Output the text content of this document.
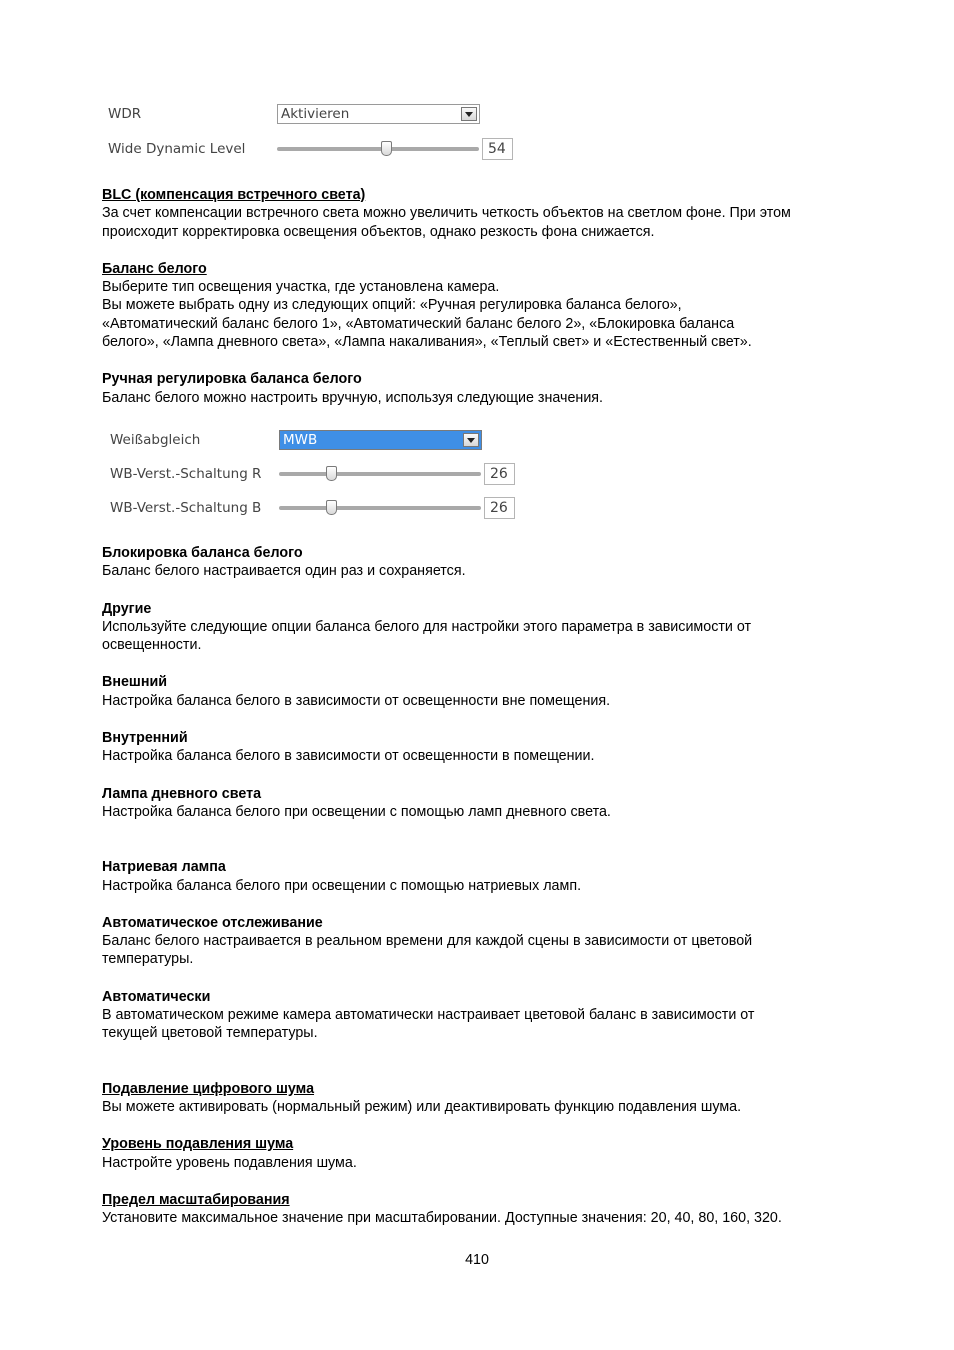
WDR	Aktivieren
Wide Dynamic Level	54

BLC (компенсация встречного света)

За счет компенсации встречного света можно увеличить четкость объектов на светлом фоне. При этом

происходит корректировка освещения объектов, однако резкость фона снижается.

Баланс белого

Выберите тип освещения участка, где установлена камера.

Вы можете выбрать одну из следующих опций: «Ручная регулировка баланса белого»,

«Автоматический баланс белого 1», «Автоматический баланс белого 2», «Блокировка баланса

белого», «Лампа дневного света», «Лампа накаливания», «Теплый свет» и «Естественный свет».

Ручная регулировка баланса белого

Баланс белого можно настроить вручную, используя следующие значения.

Weißabgleich	MWB
WB-Verst.-Schaltung R	26
WB-Verst.-Schaltung B	26

Блокировка баланса белого

Баланс белого настраивается один раз и сохраняется.

Другие

Используйте следующие опции баланса белого для настройки этого параметра в зависимости от

освещенности.

Внешний

Настройка баланса белого в зависимости от освещенности вне помещения.

Внутренний

Настройка баланса белого в зависимости от освещенности в помещении.

Лампа дневного света

Настройка баланса белого при освещении с помощью ламп дневного света.

Натриевая лампа

Настройка баланса белого при освещении с помощью натриевых ламп.

Автоматическое отслеживание

Баланс белого настраивается в реальном времени для каждой сцены в зависимости от цветовой

температуры.

Автоматически

В автоматическом режиме камера автоматически настраивает цветовой баланс в зависимости от

текущей цветовой температуры.

Подавление цифрового шума

Вы можете активировать (нормальный режим) или деактивировать функцию подавления шума.

Уровень подавления шума

Настройте уровень подавления шума.

Предел масштабирования

Установите максимальное значение при масштабировании. Доступные значения: 20, 40, 80, 160, 320.

410
